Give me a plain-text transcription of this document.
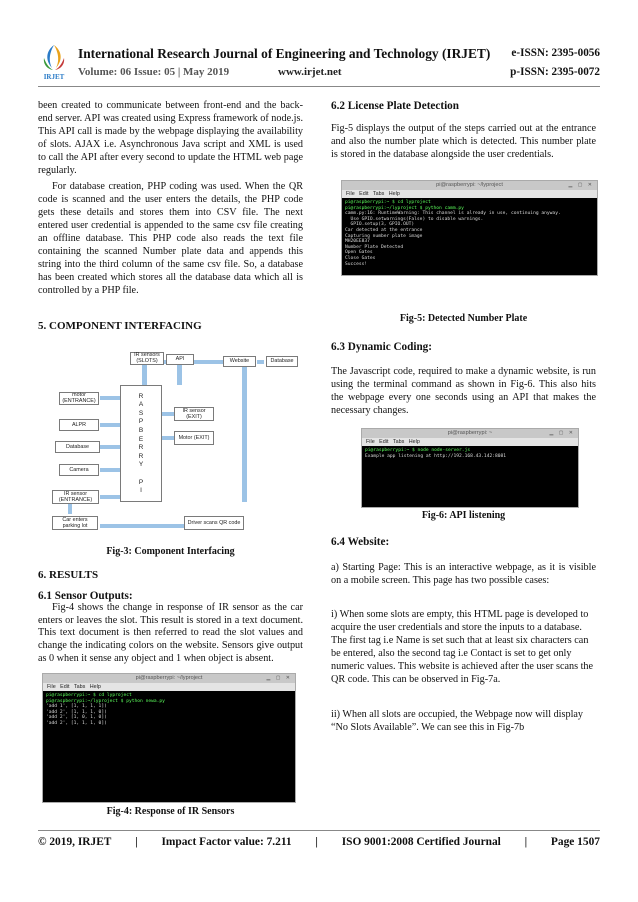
IRJET
International Research Journal of Engineering and Technology (IRJET) e-ISSN: 2395-0056
Volume: 06 Issue: 05 | May 2019	www.irjet.net	p-ISSN: 2395-0072

been created to communicate between front-end and the back-end server. API was created using Express framework of node.js. This API call is made by the webpage displaying the availability of slots. AJAX i.e. Asynchronous Java script and XML is used to call the API after every second to update the HTML web page regularly.

For database creation, PHP coding was used. When the QR code is scanned and the user enters the details, the PHP code gets these details and stores them into CSV file. The next entered user credential is appended to the same csv file creating an offline database. This PHP code also reads the text file containing the scanned Number plate data and appends this string into the third column of the same csv file. So, a database has been created which stores all the database data which all is controlled by a PHP file.

5. COMPONENT INTERFACING
IR sensors (SLOTS)	API	Website	Database
motor (ENTRANCE)
ALPR
Database
Camera
IR sensor (ENTRANCE)
Car enters parking lot
R
A
S
P
B
E
R
R
Y
P
I
IR sensor (EXIT)
Motor (EXIT)
Driver scans QR code
Fig-3: Component Interfacing
6. RESULTS
6.1 Sensor Outputs:

Fig-4 shows the change in response of IR sensor as the car enters or leaves the slot. This result is stored in a text document. This text document is then referred to read the slot values and change the indicating colors on the website. Sensors give output as 0 when it sense any object and 1 when object is absent.

pi@raspberrypi: ~/lyproject	▁ ▢ ✕
File Edit Tabs Help
pi@raspberrypi:~ $ cd lyproject
pi@raspberrypi:~/lyproject $ python newa.py
'add 1', [1, 1, 1, 1])
'add 2', [1, 1, 1, 0])
'add 2', [1, 0, 1, 0])
'add 2', [1, 1, 1, 0])
Fig-4: Response of IR Sensors
6.2 License Plate Detection

Fig-5 displays the output of the steps carried out at the entrance and also the number plate which is detected. This number plate is stored in the database alongside the user credentials.

pi@raspberrypi: ~/lyproject	▁ ▢ ✕
File Edit Tabs Help
pi@raspberrypi:~ $ cd lyproject
pi@raspberrypi:~/lyproject $ python camm.py
camm.py:16: RuntimeWarning: This channel is already in use, continuing anyway.
Use GPIO.setwarnings(False) to disable warnings.
GPIO.setup(3, GPIO.OUT)
Car detected at the entrance
Capturing number plate image
MH20EE837
Number Plate Detected
Open Gates
Close Gates
Success!
Fig-5: Detected Number Plate
6.3 Dynamic Coding:

The Javascript code, required to make a dynamic website, is run using the terminal command as shown in Fig-6. This also hits the webpage every one seconds using an API that makes the necessary changes.

pi@raspberrypi: ~	▁ ▢ ✕
File Edit Tabs Help
pi@raspberrypi:~ $ node node-server.js
Example app listening at http://192.168.43.142:8081
Fig-6: API listening
6.4 Website:

a) Starting Page: This is an interactive webpage, as it is visible on a mobile screen. This page has two possible cases:

i) When some slots are empty, this HTML page is developed to acquire the user credentials and store the inputs to a database. The first tag i.e Name is set such that at least six characters can be entered, also the second tag i.e Contact is set to get only numeric values. This website is achieved after the user scans the QR code. This can be observed in Fig-7a.

ii) When all slots are occupied, the Webpage now will display “No Slots Available”. We can see this in Fig-7b

© 2019, IRJET | Impact Factor value: 7.211 | ISO 9001:2008 Certified Journal | Page 1507
